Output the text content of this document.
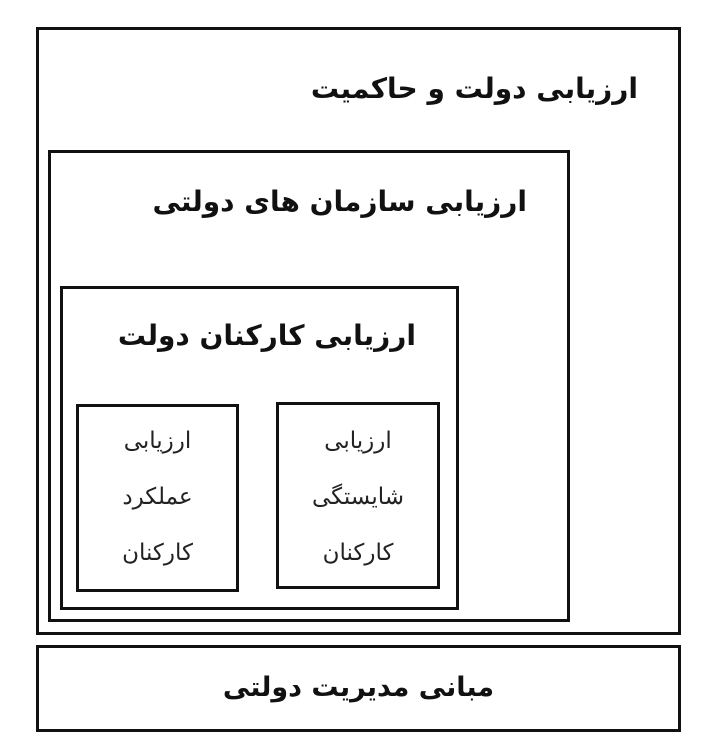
ارزیابی دولت و حاکمیت
ارزیابی سازمان های دولتی
ارزیابی کارکنان دولت
ارزیابی
شایستگی
کارکنان
ارزیابی
عملکرد
کارکنان
مبانی مدیریت دولتی
